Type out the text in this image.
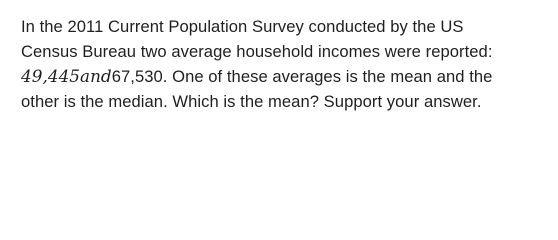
In the 2011 Current Population Survey conducted by the US
Census Bureau two average household incomes were reported:
49,445and67,530. One of these averages is the mean and the
other is the median. Which is the mean? Support your answer.
